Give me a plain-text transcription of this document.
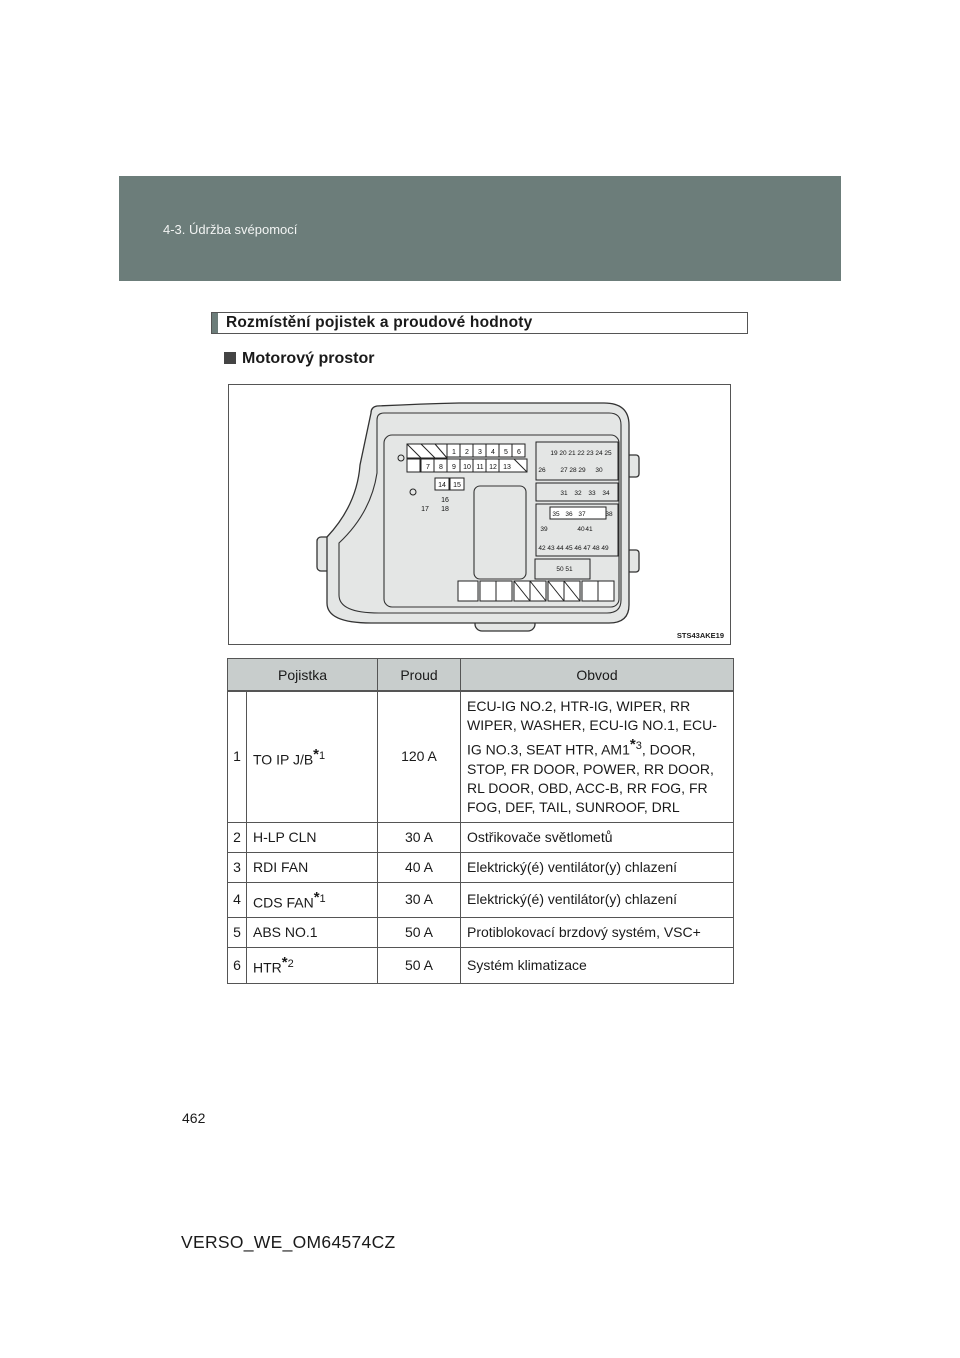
4-3. Údržba svépomocí
Rozmístění pojistek a proudové hodnoty
Motorový prostor
1 2 3 4 5 6
7 8 9 10 11 12 13
14 15
16
17 18
19 20 21 22 23 24 25
26 27 28 29 30
31 32 33 34
35 36 37	38
39	40 41
42 43 44 45 46 47 48 49
50 51
STS43AKE19
Pojistka		Proud	Obvod
1	TO IP $J/B^{*1}$	120 A	ECU-IG NO.2, HTR-IG, WIPER, RR WIPER, WASHER, ECU-IG NO.1, ECU-IG NO.3, SEAT HTR, AM1$^{*3}$, DOOR, STOP, FR DOOR, POWER, RR DOOR, RL DOOR, OBD, ACC-B, RR FOG, FR FOG, DEF, TAIL, SUNROOF, DRL
2	H-LP CLN	30 A	Ostřikovače světlometů
3	RDI FAN	40 A	Elektrický(é) ventilátor(y) chlazení
4	CDS FAN$^{*1}$	30 A	Elektrický(é) ventilátor(y) chlazení
5	ABS NO.1	50 A	Protiblokovací brzdový systém, VSC+
6	HTR$^{*2}$	50 A	Systém klimatizace
462
VERSO_WE_OM64574CZ
